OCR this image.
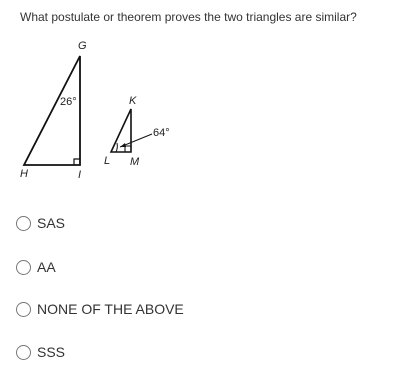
What postulate or theorem proves the two triangles are similar?
G
26°
H	I
K
64°
L M
SAS
AA
NONE OF THE ABOVE
SSS
